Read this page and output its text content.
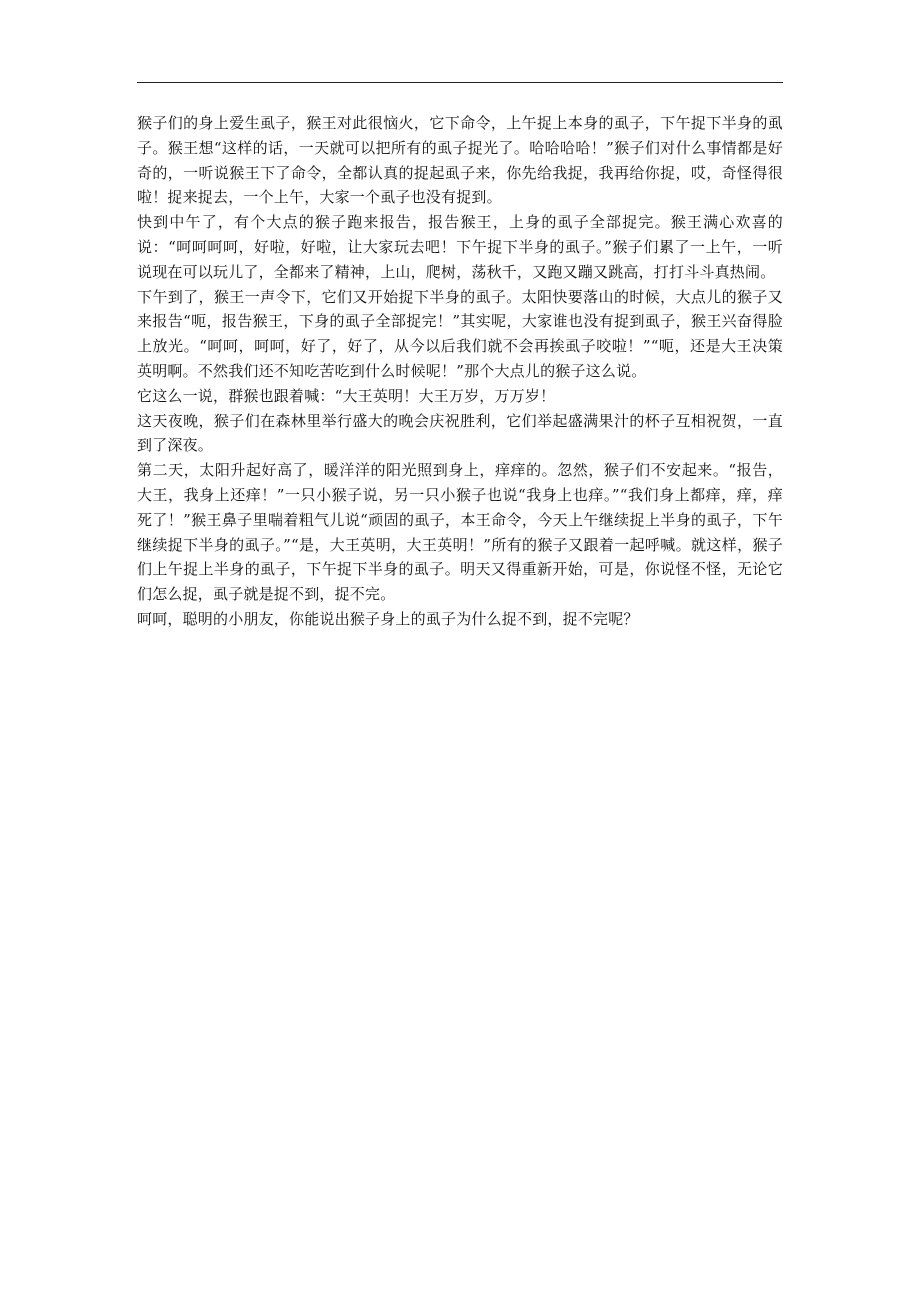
猴子们的身上爱生虱子，猴王对此很恼火，它下命令，上午捉上本身的虱子，下午捉下半身的虱子。猴王想“这样的话，一天就可以把所有的虱子捉光了。哈哈哈哈！”猴子们对什么事情都是好奇的，一听说猴王下了命令，全都认真的捉起虱子来，你先给我捉，我再给你捉，哎，奇怪得很啦！捉来捉去，一个上午，大家一个虱子也没有捉到。

快到中午了，有个大点的猴子跑来报告，报告猴王，上身的虱子全部捉完。猴王满心欢喜的说：“呵呵呵呵，好啦，好啦，让大家玩去吧！下午捉下半身的虱子。”猴子们累了一上午，一听说现在可以玩儿了，全都来了精神，上山，爬树，荡秋千，又跑又蹦又跳高，打打斗斗真热闹。

下午到了，猴王一声令下，它们又开始捉下半身的虱子。太阳快要落山的时候，大点儿的猴子又来报告“呃，报告猴王，下身的虱子全部捉完！”其实呢，大家谁也没有捉到虱子，猴王兴奋得脸上放光。“呵呵，呵呵，好了，好了，从今以后我们就不会再挨虱子咬啦！”“呃，还是大王决策英明啊。不然我们还不知吃苦吃到什么时候呢！”那个大点儿的猴子这么说。

它这么一说，群猴也跟着喊：“大王英明！大王万岁，万万岁！

这天夜晚，猴子们在森林里举行盛大的晚会庆祝胜利，它们举起盛满果汁的杯子互相祝贺，一直到了深夜。

第二天，太阳升起好高了，暖洋洋的阳光照到身上，痒痒的。忽然，猴子们不安起来。“报告，大王，我身上还痒！”一只小猴子说，另一只小猴子也说“我身上也痒。”“我们身上都痒，痒，痒死了！”猴王鼻子里喘着粗气儿说“顽固的虱子，本王命令，今天上午继续捉上半身的虱子，下午继续捉下半身的虱子。”“是，大王英明，大王英明！”所有的猴子又跟着一起呼喊。就这样，猴子们上午捉上半身的虱子，下午捉下半身的虱子。明天又得重新开始，可是，你说怪不怪，无论它们怎么捉，虱子就是捉不到，捉不完。

呵呵，聪明的小朋友，你能说出猴子身上的虱子为什么捉不到，捉不完呢？
